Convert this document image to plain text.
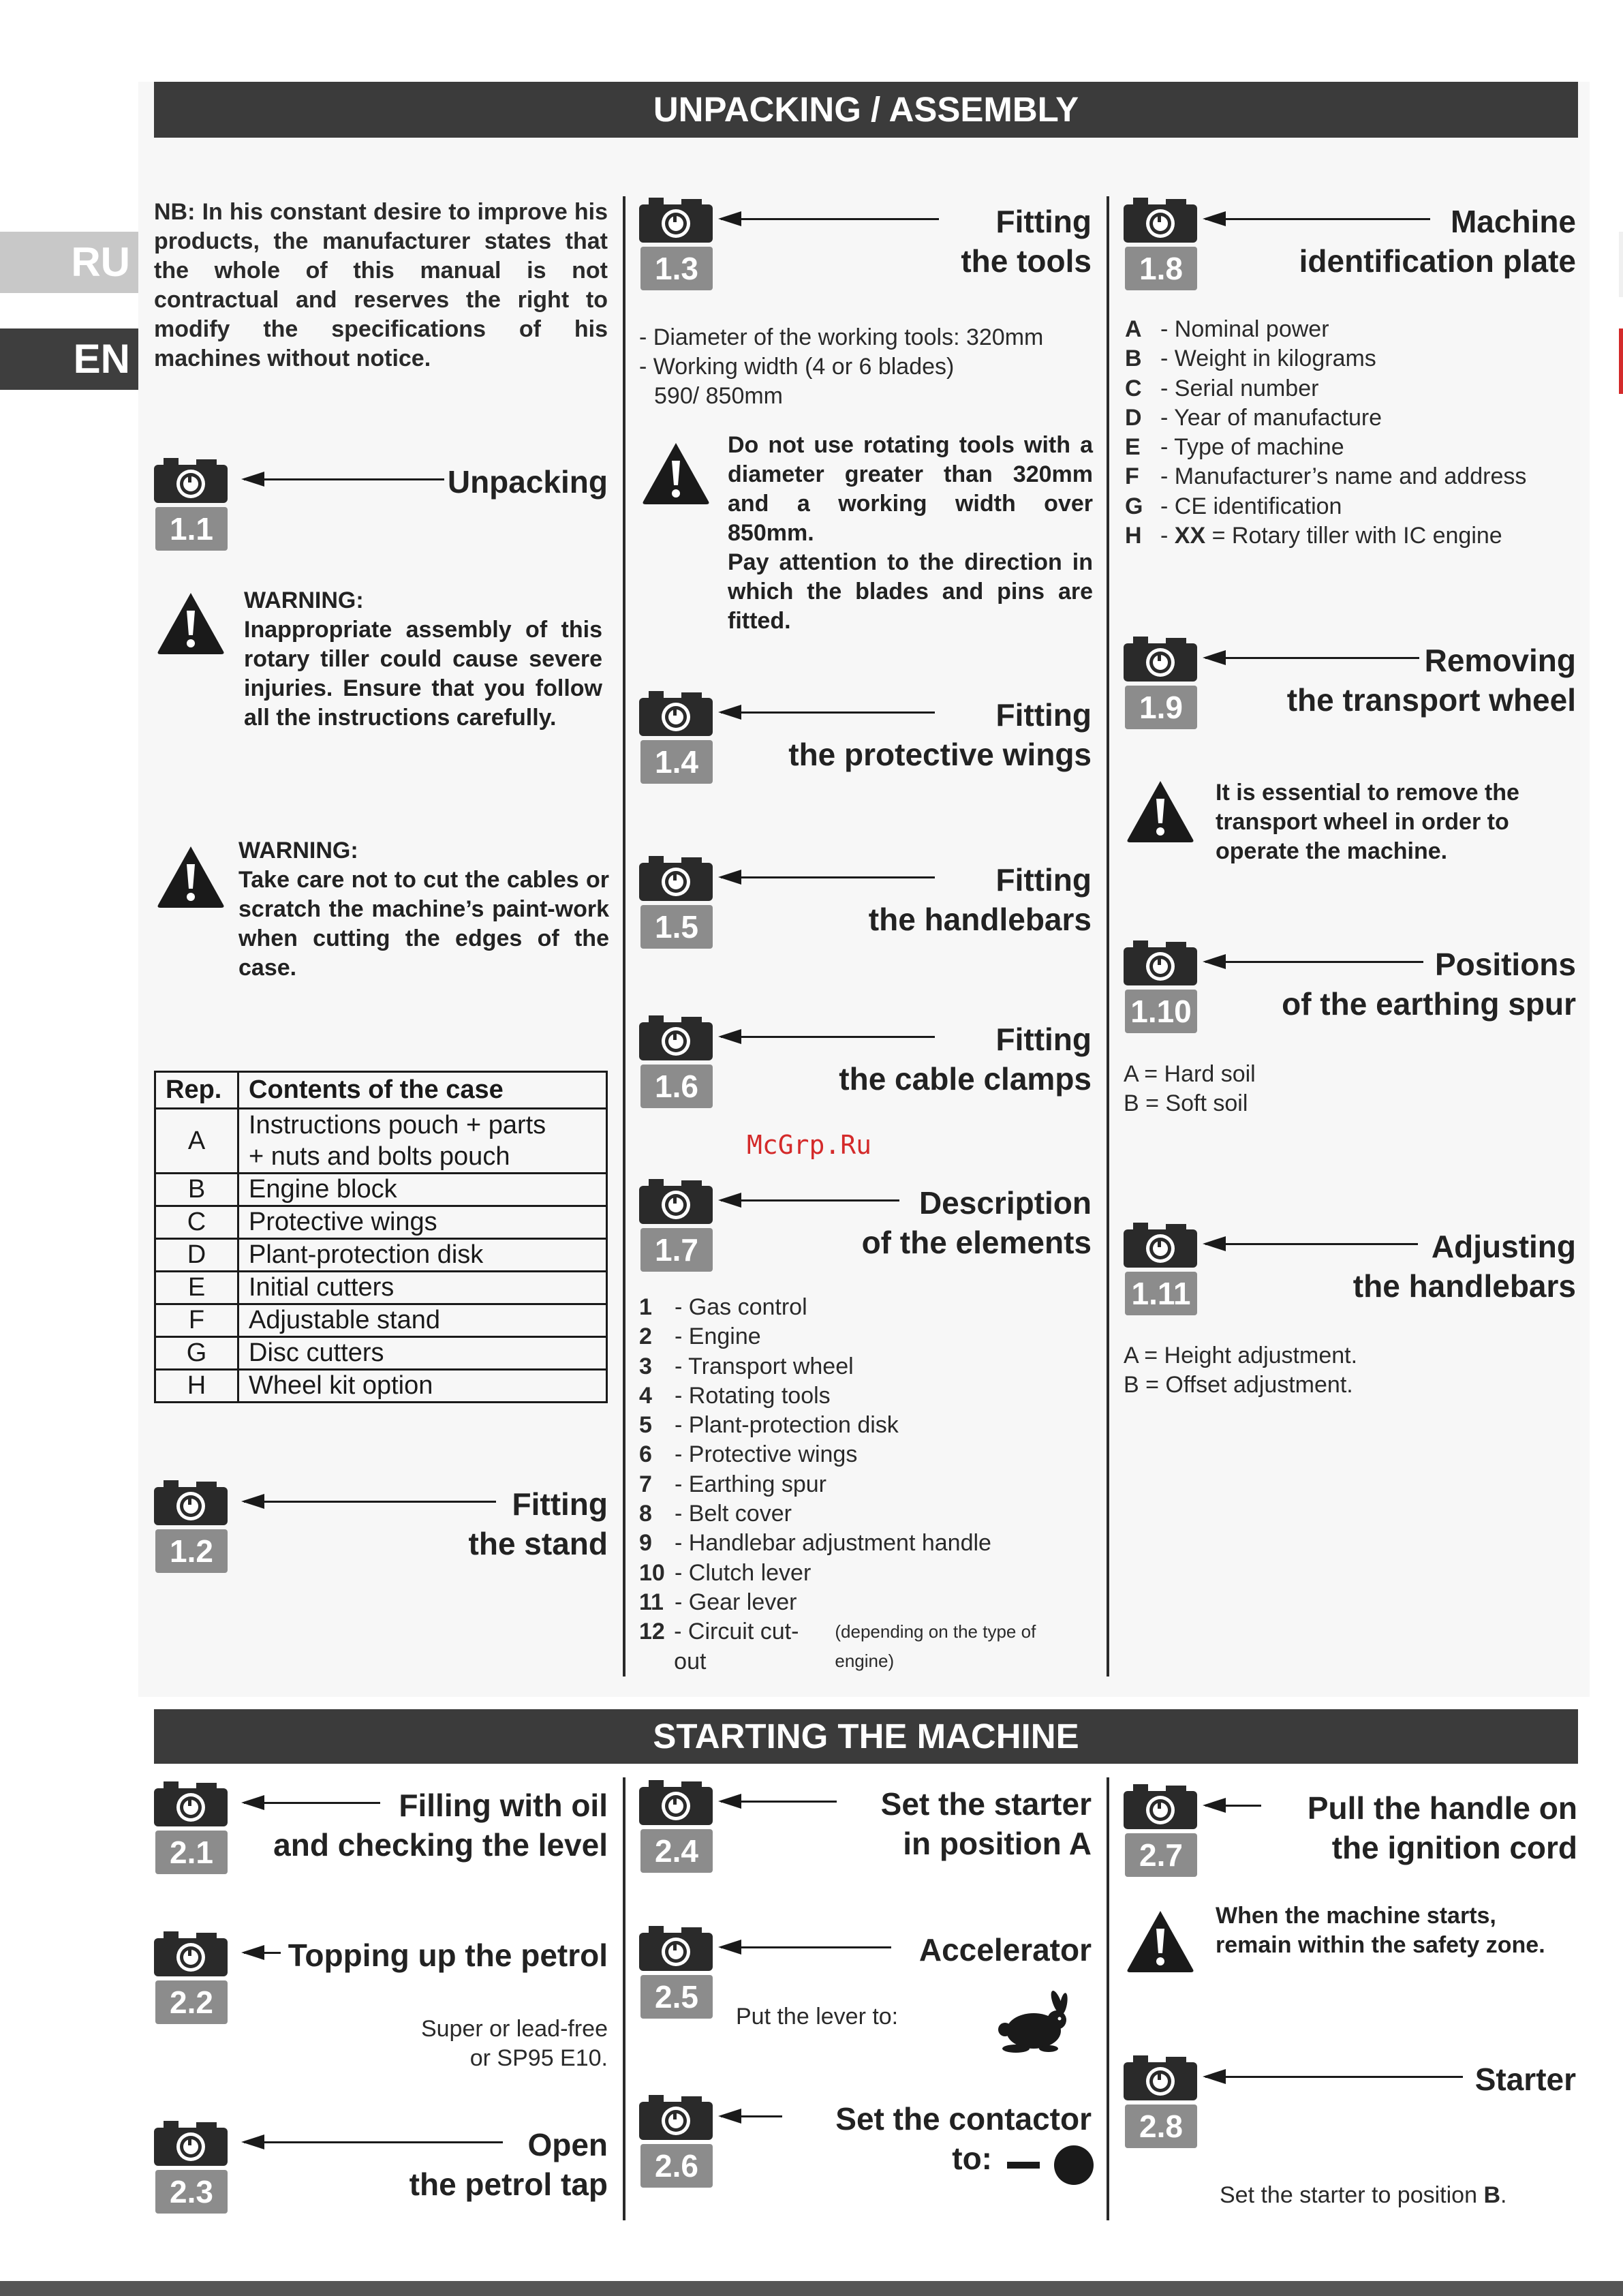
RU
EN
UNPACKING / ASSEMBLY
STARTING THE MACHINE
NB: In his constant desire to improve his products, the manufacturer states that the whole of this manual is not contractual and reserves the right to modify the specifications of his machines without notice.
1.1
Unpacking
WARNING:
Inappropriate assembly of this rotary tiller could cause severe injuries. Ensure that you follow all the instructions carefully.
WARNING:
Take care not to cut the cables or scratch the machine’s paint-work when cutting the edges of the case.
Rep.	Contents of the case
A	Instructions pouch + parts
+ nuts and bolts pouch

B	Engine block
C	Protective wings
D	Plant-protection disk
E	Initial cutters
F	Adjustable stand
G	Disc cutters
H	Wheel kit option
1.2
Fitting
the stand
1.3
Fitting
the tools
- Diameter of the working tools: 320mm
- Working width (4 or 6 blades)
590/ 850mm
Do not use rotating tools with a diameter greater than 320mm and a working width over 850mm.
Pay attention to the direction in which the blades and pins are fitted.
1.4
Fitting
the protective wings
1.5
Fitting
the handlebars
1.6
Fitting
the cable clamps
McGrp.Ru
1.7
Description
of the elements
1 - Gas control
2 - Engine
3 - Transport wheel
4 - Rotating tools
5 - Plant-protection disk
6 - Protective wings
7 - Earthing spur
8 - Belt cover
9 - Handlebar adjustment handle
10 - Clutch lever
11 - Gear lever
12 - Circuit cut-out

(depending on the type of engine)
1.8
Machine
identification plate
A - Nominal power
B - Weight in kilograms
C - Serial number
D - Year of manufacture
E - Type of machine
F - Manufacturer’s name and address
G - CE identification
H - XX = Rotary tiller with IC engine
1.9
Removing
the transport wheel
It is essential to remove the transport wheel in order to operate the machine.
1.10
Positions
of the earthing spur
A = Hard soil
B = Soft soil
1.11
Adjusting
the handlebars
A = Height adjustment.
B = Offset adjustment.
2.1
Filling with oil
and checking the level
2.2
Topping up the petrol
Super or lead-free
or SP95 E10.
2.3
Open
the petrol tap
2.4
Set the starter
in position A
2.5
Accelerator
Put the lever to:
2.6
Set the contactor
to:
2.7
Pull the handle on
the ignition cord
When the machine starts, remain within the safety zone.
2.8
Starter
Set the starter to position B.
